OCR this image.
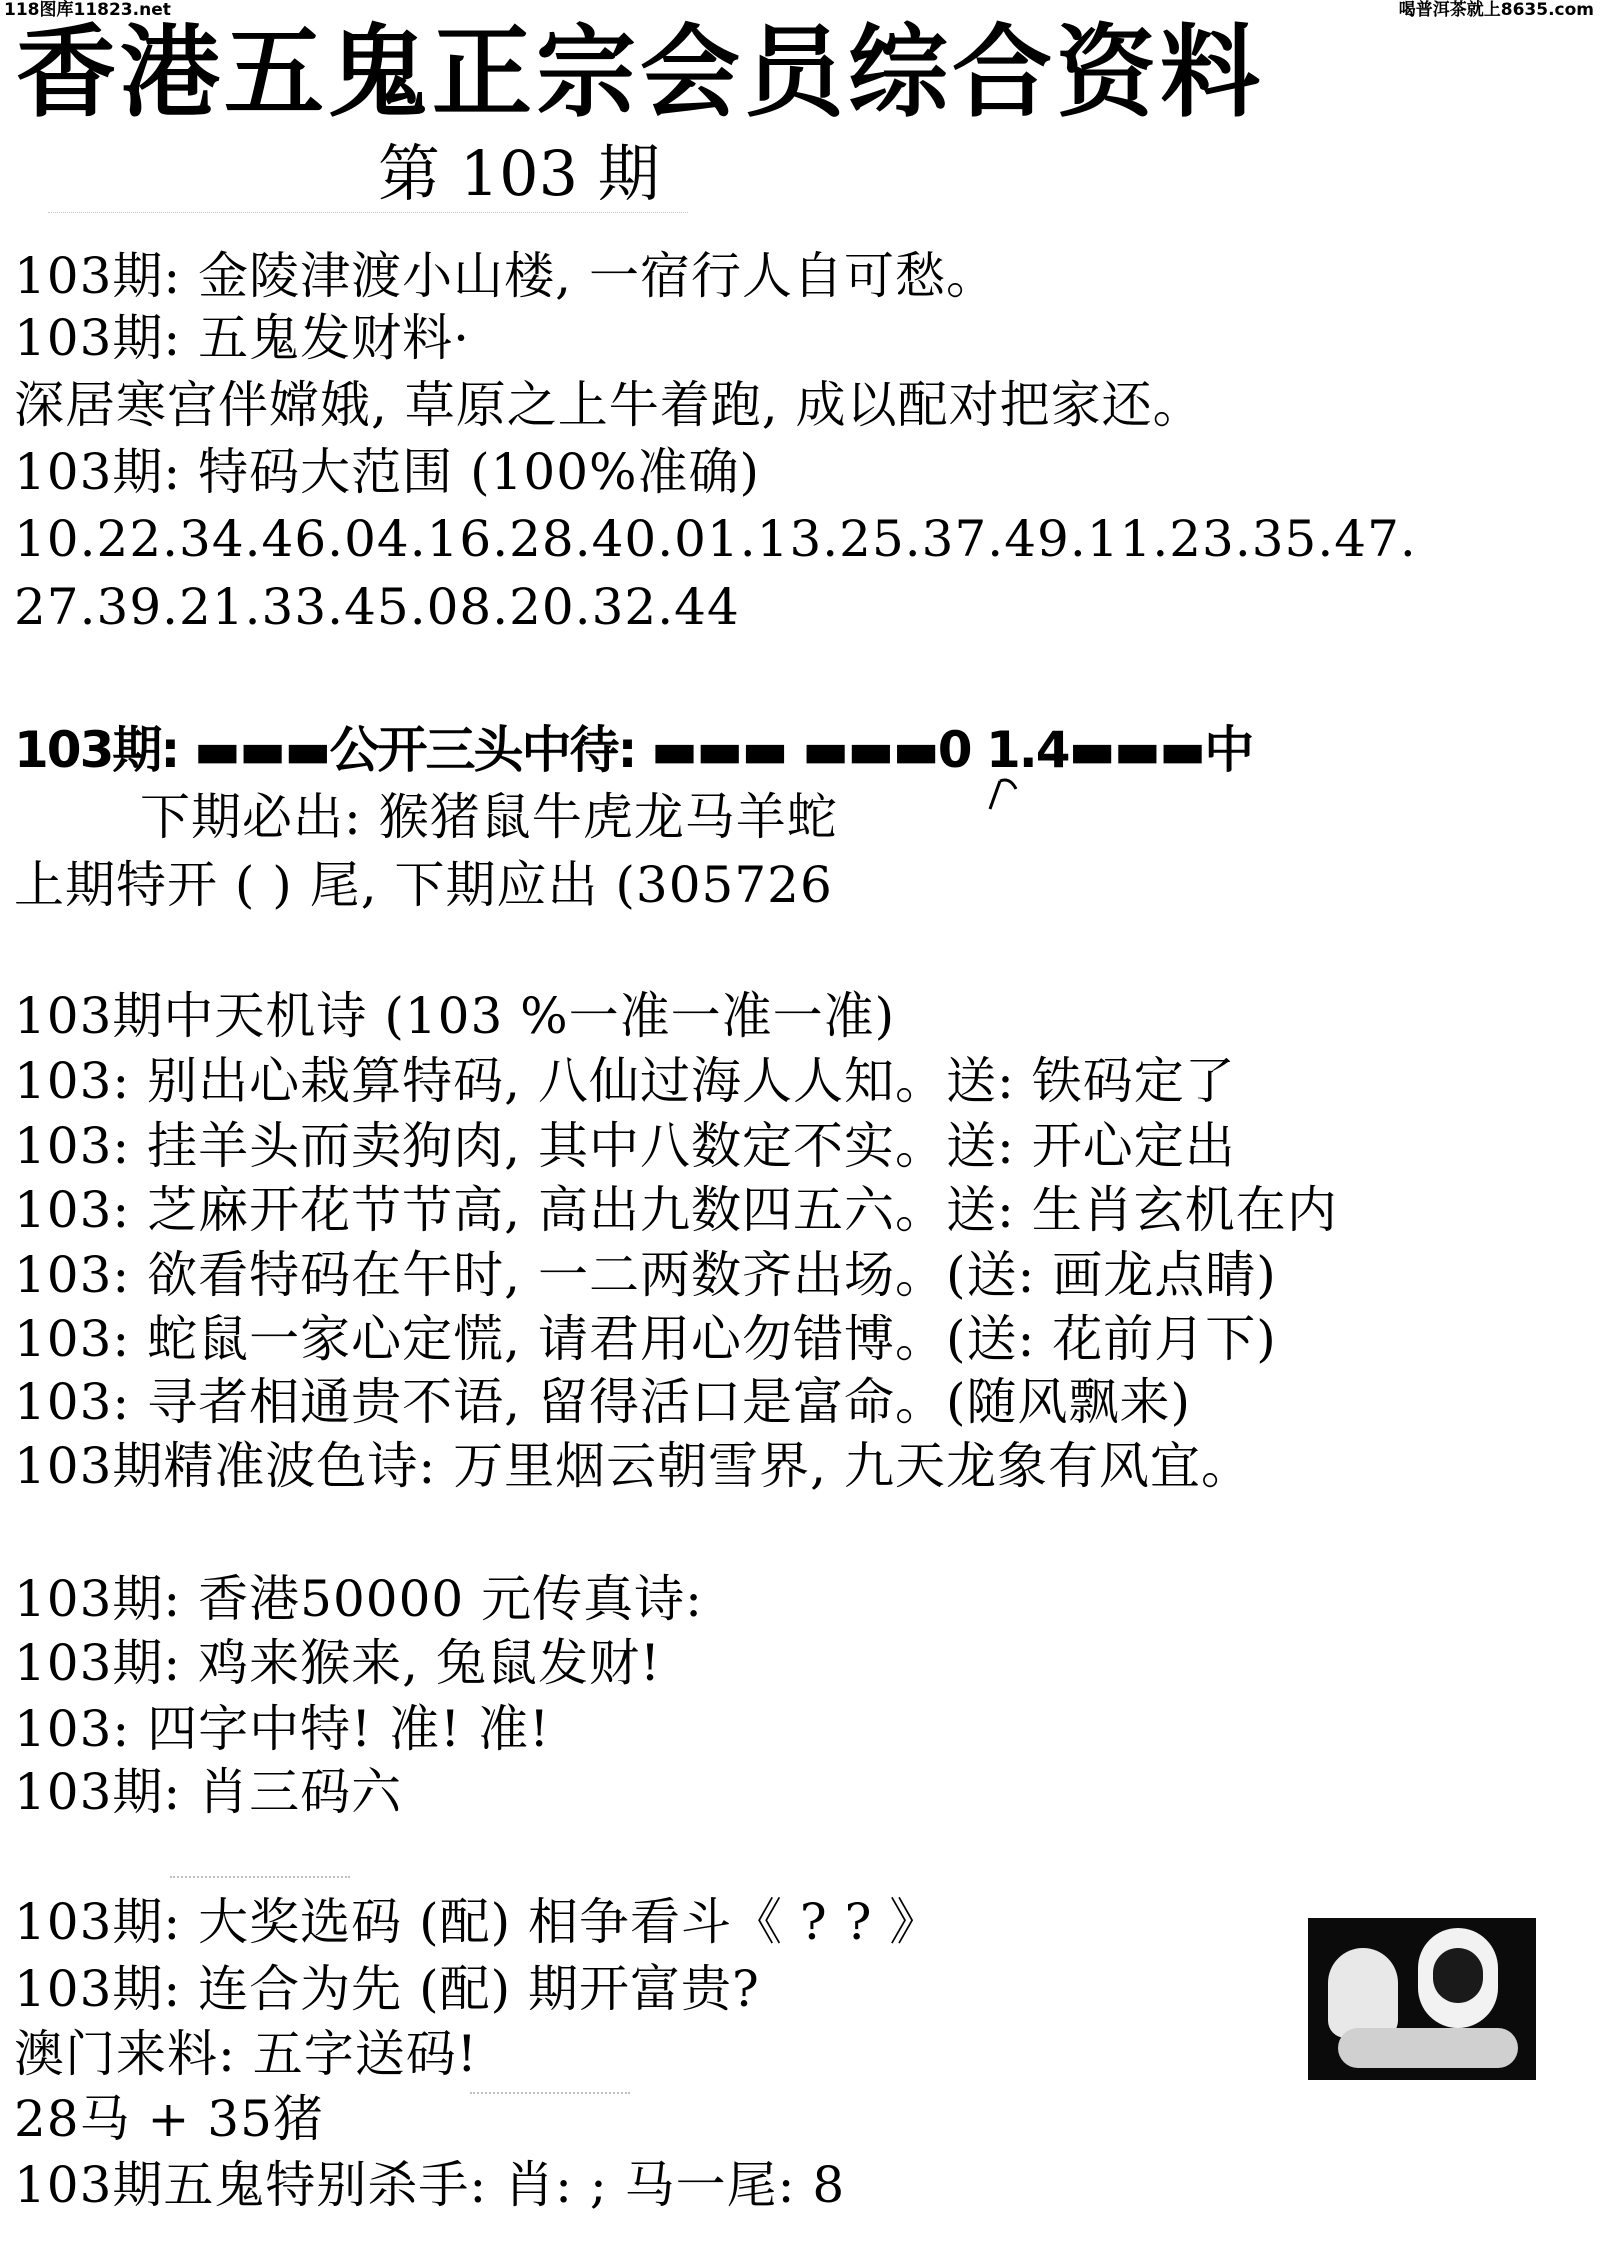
118图库11823.net	喝普洱茶就上8635.com
香港五鬼正宗会员综合资料
第 103 期
103期: 金陵津渡小山楼, 一宿行人自可愁。
103期: 五鬼发财料·
深居寒宫伴嫦娥, 草原之上牛着跑, 成以配对把家还。
103期: 特码大范围 (100%准确)
10.22.34.46.04.16.28.40.01.13.25.37.49.11.23.35.47.
27.39.21.33.45.08.20.32.44
103期: ▬▬▬公开三头中待: ▬▬▬ ▬▬▬0 1.4▬▬▬中
下期必出: 猴猪鼠牛虎龙马羊蛇
上期特开 ( ) 尾, 下期应出 (305726
103期中天机诗 (103 %一准一准一准)
103: 别出心栽算特码, 八仙过海人人知。送: 铁码定了
103: 挂羊头而卖狗肉, 其中八数定不实。送: 开心定出
103: 芝麻开花节节高, 高出九数四五六。送: 生肖玄机在内
103: 欲看特码在午时, 一二两数齐出场。(送: 画龙点睛)
103: 蛇鼠一家心定慌, 请君用心勿错博。(送: 花前月下)
103: 寻者相通贵不语, 留得活口是富命。(随风飘来)
103期精准波色诗: 万里烟云朝雪界, 九天龙象有风宜。
103期: 香港50000 元传真诗:
103期: 鸡来猴来, 兔鼠发财!
103: 四字中特! 准! 准!
103期: 肖三码六
103期: 大奖选码 (配) 相争看斗《 ? ? 》
103期: 连合为先 (配) 期开富贵?
澳门来料: 五字送码!
28马 + 35猪
103期五鬼特别杀手: 肖: ; 马一尾: 8
